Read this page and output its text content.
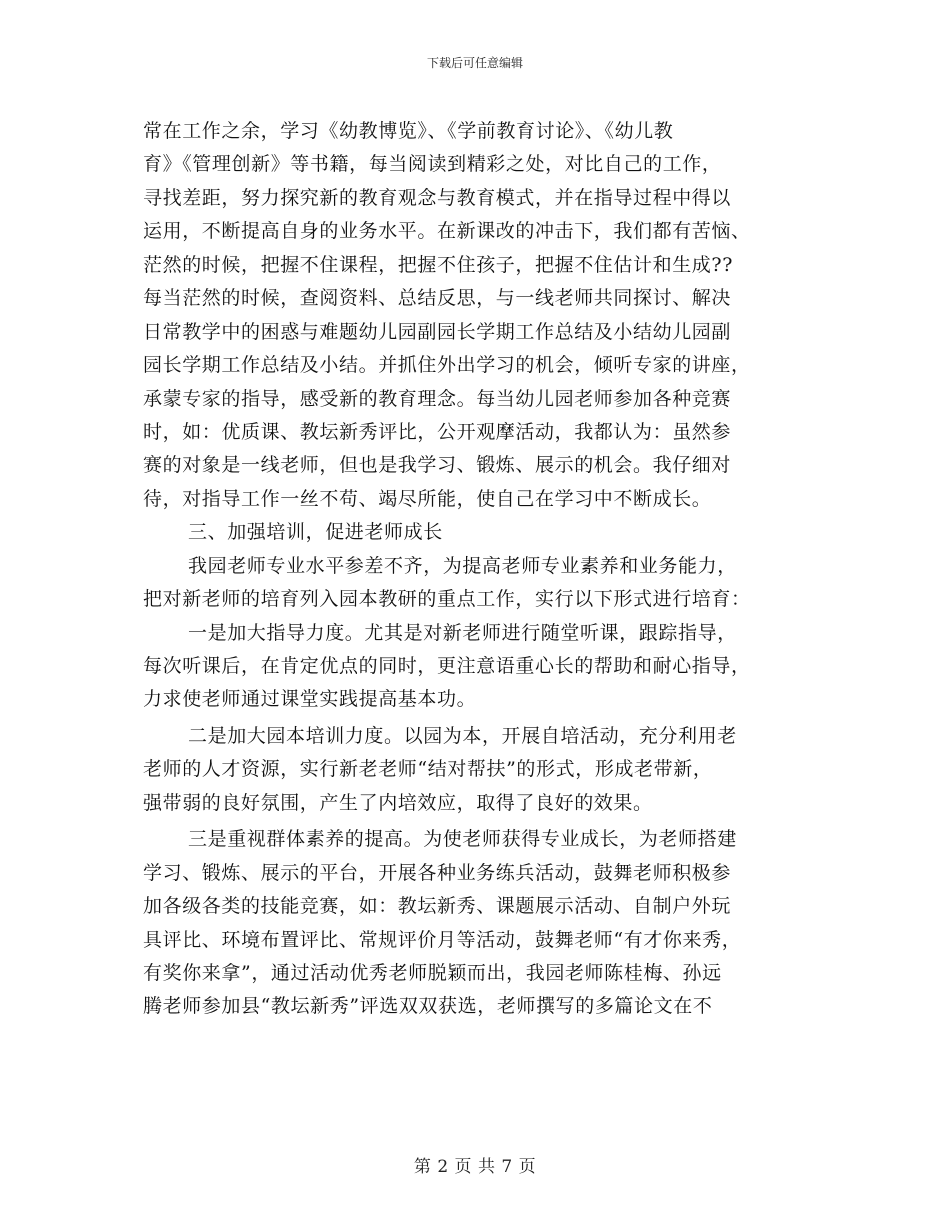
下载后可任意编辑
常在工作之余，学习《幼教博览》、《学前教育讨论》、《幼儿教
育》《管理创新》等书籍，每当阅读到精彩之处，对比自己的工作，
寻找差距，努力探究新的教育观念与教育模式，并在指导过程中得以
运用，不断提高自身的业务水平。在新课改的冲击下，我们都有苦恼、
茫然的时候，把握不住课程，把握不住孩子，把握不住估计和生成??
每当茫然的时候，查阅资料、总结反思，与一线老师共同探讨、解决
日常教学中的困惑与难题幼儿园副园长学期工作总结及小结幼儿园副
园长学期工作总结及小结。并抓住外出学习的机会，倾听专家的讲座，
承蒙专家的指导，感受新的教育理念。每当幼儿园老师参加各种竞赛
时，如：优质课、教坛新秀评比，公开观摩活动，我都认为：虽然参
赛的对象是一线老师，但也是我学习、锻炼、展示的机会。我仔细对
待，对指导工作一丝不苟、竭尽所能，使自己在学习中不断成长。
三、加强培训，促进老师成长
我园老师专业水平参差不齐，为提高老师专业素养和业务能力，
把对新老师的培育列入园本教研的重点工作，实行以下形式进行培育：
一是加大指导力度。尤其是对新老师进行随堂听课，跟踪指导，
每次听课后，在肯定优点的同时，更注意语重心长的帮助和耐心指导，
力求使老师通过课堂实践提高基本功。
二是加大园本培训力度。以园为本，开展自培活动，充分利用老
老师的人才资源，实行新老老师“结对帮扶”的形式，形成老带新，
强带弱的良好氛围，产生了内培效应，取得了良好的效果。
三是重视群体素养的提高。为使老师获得专业成长，为老师搭建
学习、锻炼、展示的平台，开展各种业务练兵活动，鼓舞老师积极参
加各级各类的技能竞赛，如：教坛新秀、课题展示活动、自制户外玩
具评比、环境布置评比、常规评价月等活动，鼓舞老师“有才你来秀，
有奖你来拿”，通过活动优秀老师脱颖而出，我园老师陈桂梅、孙远
腾老师参加县“教坛新秀”评选双双获选，老师撰写的多篇论文在不
第 2 页 共 7 页
